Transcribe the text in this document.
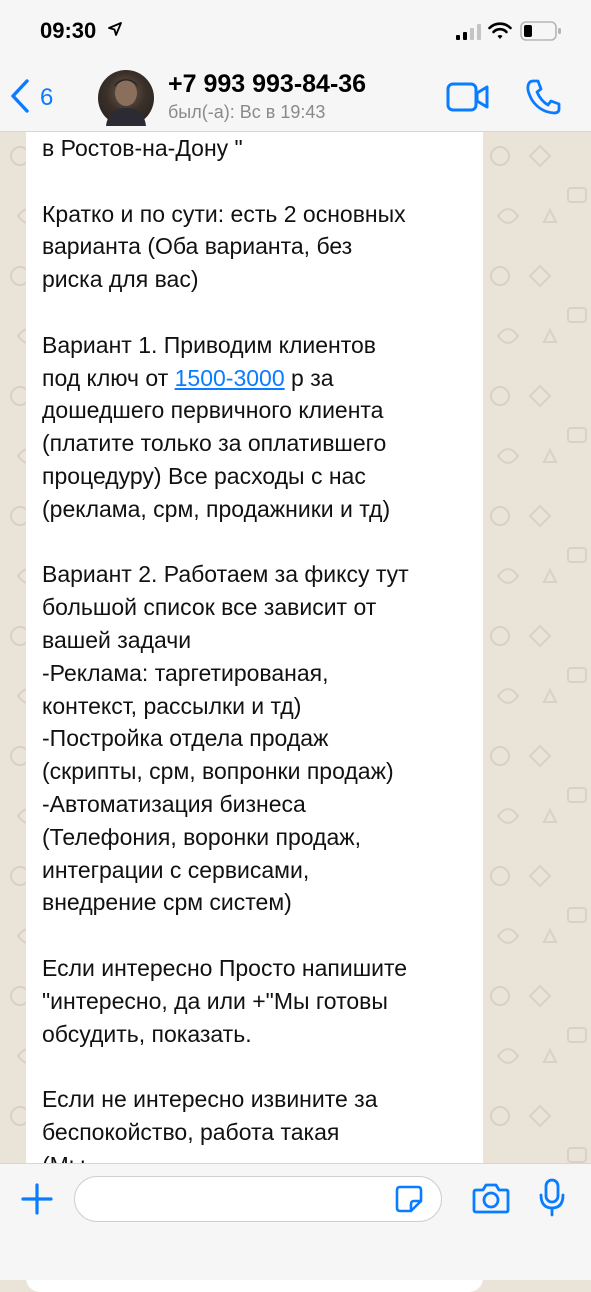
09:30
6	+7 993 993-84-36
был(-а): Вс в 19:43
в Ростов-на-Дону "
Кратко и по сути: есть 2 основных
варианта (Оба варианта, без
риска для вас)
Вариант 1. Приводим клиентов
под ключ от 1500-3000 р за
дошедшего первичного клиента
(платите только за оплатившего
процедуру) Все расходы с нас
(реклама, срм, продажники и тд)
Вариант 2. Работаем за фиксу тут
большой список все зависит от
вашей задачи
-Реклама: таргетированая,
контекст, рассылки и тд)
-Постройка отдела продаж
(скрипты, срм, вопронки продаж)
-Автоматизация бизнеса
(Телефония, воронки продаж,
интеграции с сервисами,
внедрение срм систем)
Если интересно Просто напишите
"интересно, да или +"Мы готовы
обсудить, показать.
Если не интересно извините за
беспокойство, работа такая
